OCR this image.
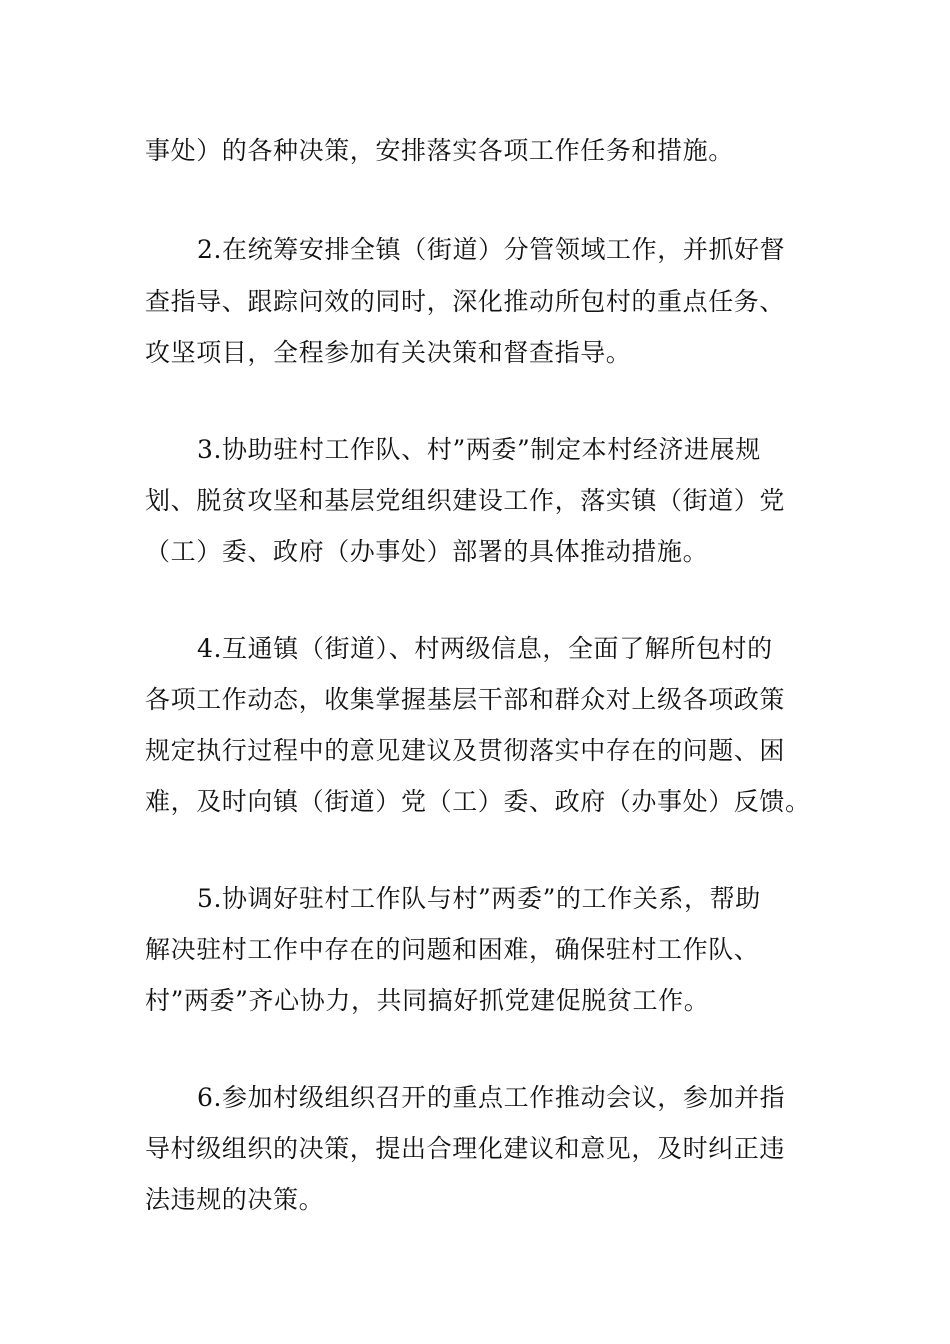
事处）的各种决策，安排落实各项工作任务和措施。
2.在统筹安排全镇（街道）分管领域工作，并抓好督
查指导、跟踪问效的同时，深化推动所包村的重点任务、
攻坚项目，全程参加有关决策和督查指导。
3.协助驻村工作队、村”两委”制定本村经济进展规
划、脱贫攻坚和基层党组织建设工作，落实镇（街道）党
（工）委、政府（办事处）部署的具体推动措施。
4.互通镇（街道）、村两级信息，全面了解所包村的
各项工作动态，收集掌握基层干部和群众对上级各项政策
规定执行过程中的意见建议及贯彻落实中存在的问题、困
难，及时向镇（街道）党（工）委、政府（办事处）反馈。
5.协调好驻村工作队与村”两委”的工作关系，帮助
解决驻村工作中存在的问题和困难，确保驻村工作队、
村”两委”齐心协力，共同搞好抓党建促脱贫工作。
6.参加村级组织召开的重点工作推动会议，参加并指
导村级组织的决策，提出合理化建议和意见，及时纠正违
法违规的决策。
